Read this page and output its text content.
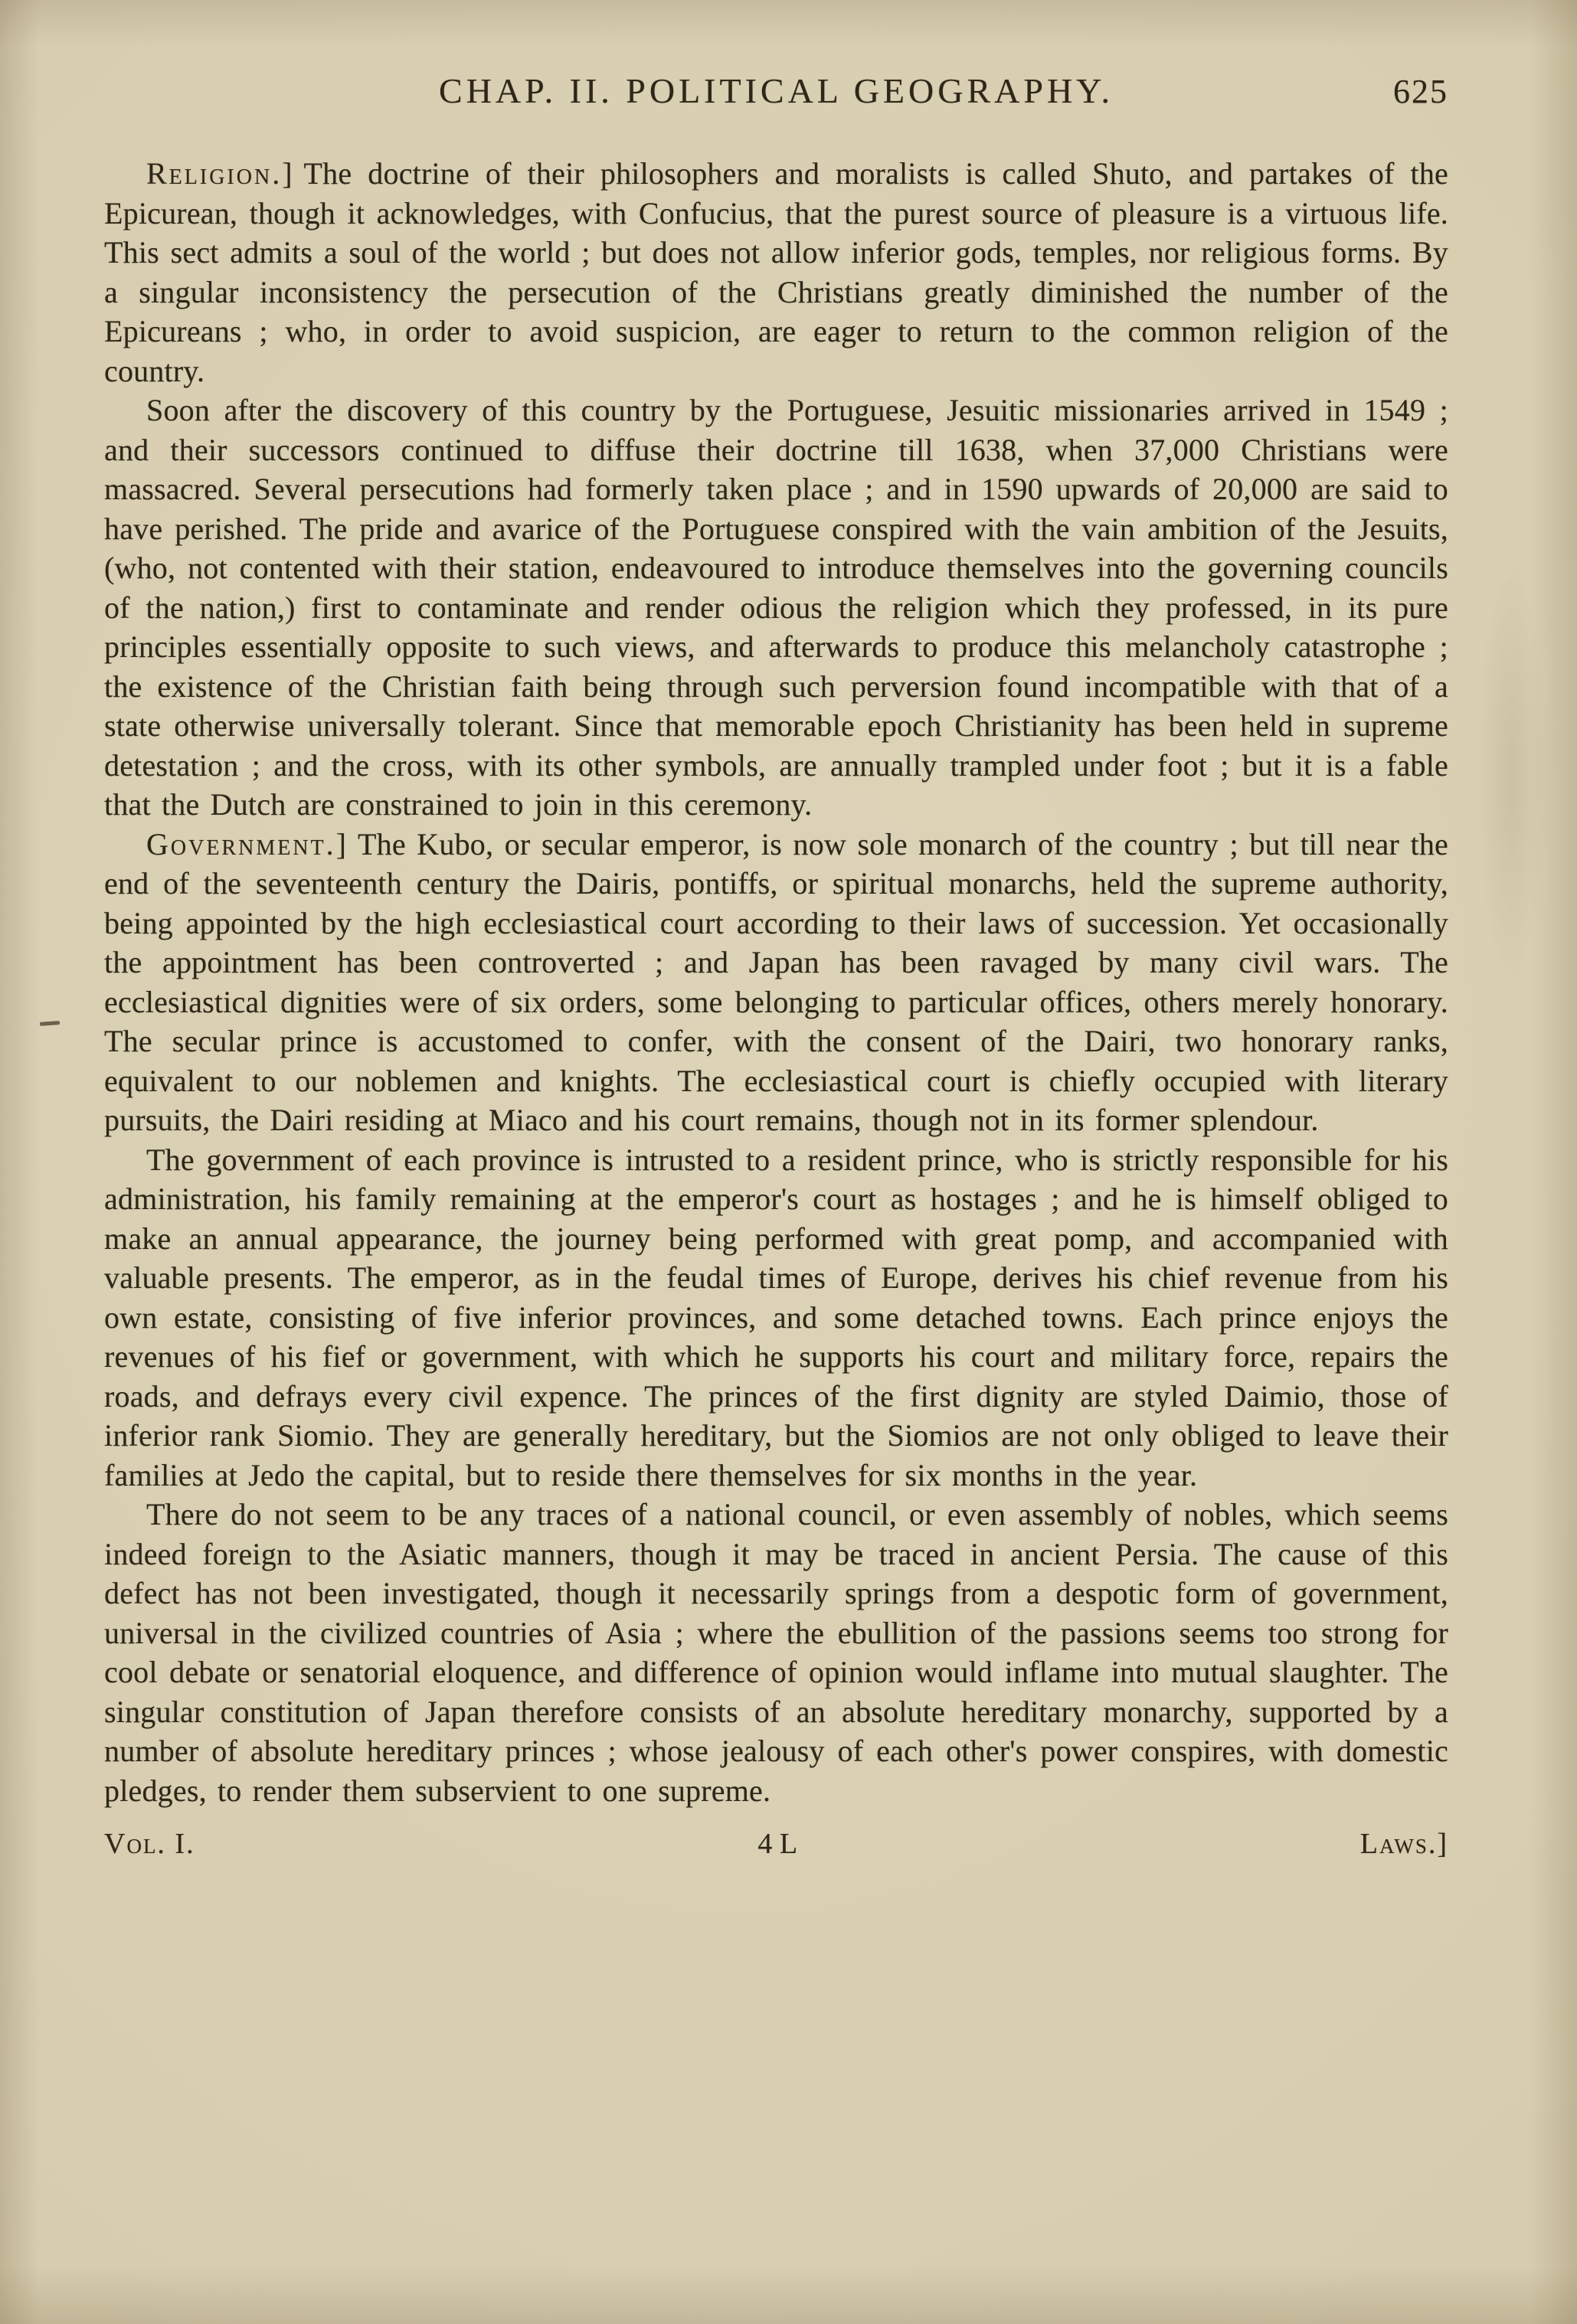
CHAP. II. POLITICAL GEOGRAPHY.	625

Religion.] The doctrine of their philosophers and moralists is called Shuto, and partakes of the Epicurean, though it acknowledges, with Confucius, that the purest source of pleasure is a virtuous life. This sect admits a soul of the world ; but does not allow inferior gods, temples, nor religious forms. By a singular inconsistency the persecution of the Christians greatly diminished the number of the Epicureans ; who, in order to avoid suspicion, are eager to return to the common religion of the country.

Soon after the discovery of this country by the Portuguese, Jesuitic missionaries arrived in 1549 ; and their successors continued to diffuse their doctrine till 1638, when 37,000 Christians were massacred. Several persecutions had formerly taken place ; and in 1590 upwards of 20,000 are said to have perished. The pride and avarice of the Portuguese conspired with the vain ambition of the Jesuits, (who, not contented with their station, endeavoured to introduce themselves into the governing councils of the nation,) first to contaminate and render odious the religion which they professed, in its pure principles essentially opposite to such views, and afterwards to produce this melancholy catastrophe ; the existence of the Christian faith being through such perversion found incompatible with that of a state otherwise universally tolerant. Since that memorable epoch Christianity has been held in supreme detestation ; and the cross, with its other symbols, are annually trampled under foot ; but it is a fable that the Dutch are constrained to join in this ceremony.

Government.] The Kubo, or secular emperor, is now sole monarch of the country ; but till near the end of the seventeenth century the Dairis, pontiffs, or spiritual monarchs, held the supreme authority, being appointed by the high ecclesiastical court according to their laws of succession. Yet occasionally the appointment has been controverted ; and Japan has been ravaged by many civil wars. The ecclesiastical dignities were of six orders, some belonging to particular offices, others merely honorary. The secular prince is accustomed to confer, with the consent of the Dairi, two honorary ranks, equivalent to our noblemen and knights. The ecclesiastical court is chiefly occupied with literary pursuits, the Dairi residing at Miaco and his court remains, though not in its former splendour.

The government of each province is intrusted to a resident prince, who is strictly responsible for his administration, his family remaining at the emperor's court as hostages ; and he is himself obliged to make an annual appearance, the journey being performed with great pomp, and accompanied with valuable presents. The emperor, as in the feudal times of Europe, derives his chief revenue from his own estate, consisting of five inferior provinces, and some detached towns. Each prince enjoys the revenues of his fief or government, with which he supports his court and military force, repairs the roads, and defrays every civil expence. The princes of the first dignity are styled Daimio, those of inferior rank Siomio. They are generally hereditary, but the Siomios are not only obliged to leave their families at Jedo the capital, but to reside there themselves for six months in the year.

There do not seem to be any traces of a national council, or even assembly of nobles, which seems indeed foreign to the Asiatic manners, though it may be traced in ancient Persia. The cause of this defect has not been investigated, though it necessarily springs from a despotic form of government, universal in the civilized countries of Asia ; where the ebullition of the passions seems too strong for cool debate or senatorial eloquence, and difference of opinion would inflame into mutual slaughter. The singular constitution of Japan therefore consists of an absolute hereditary monarchy, supported by a number of absolute hereditary princes ; whose jealousy of each other's power conspires, with domestic pledges, to render them subservient to one supreme.

Vol. I.	4 L	Laws.]
